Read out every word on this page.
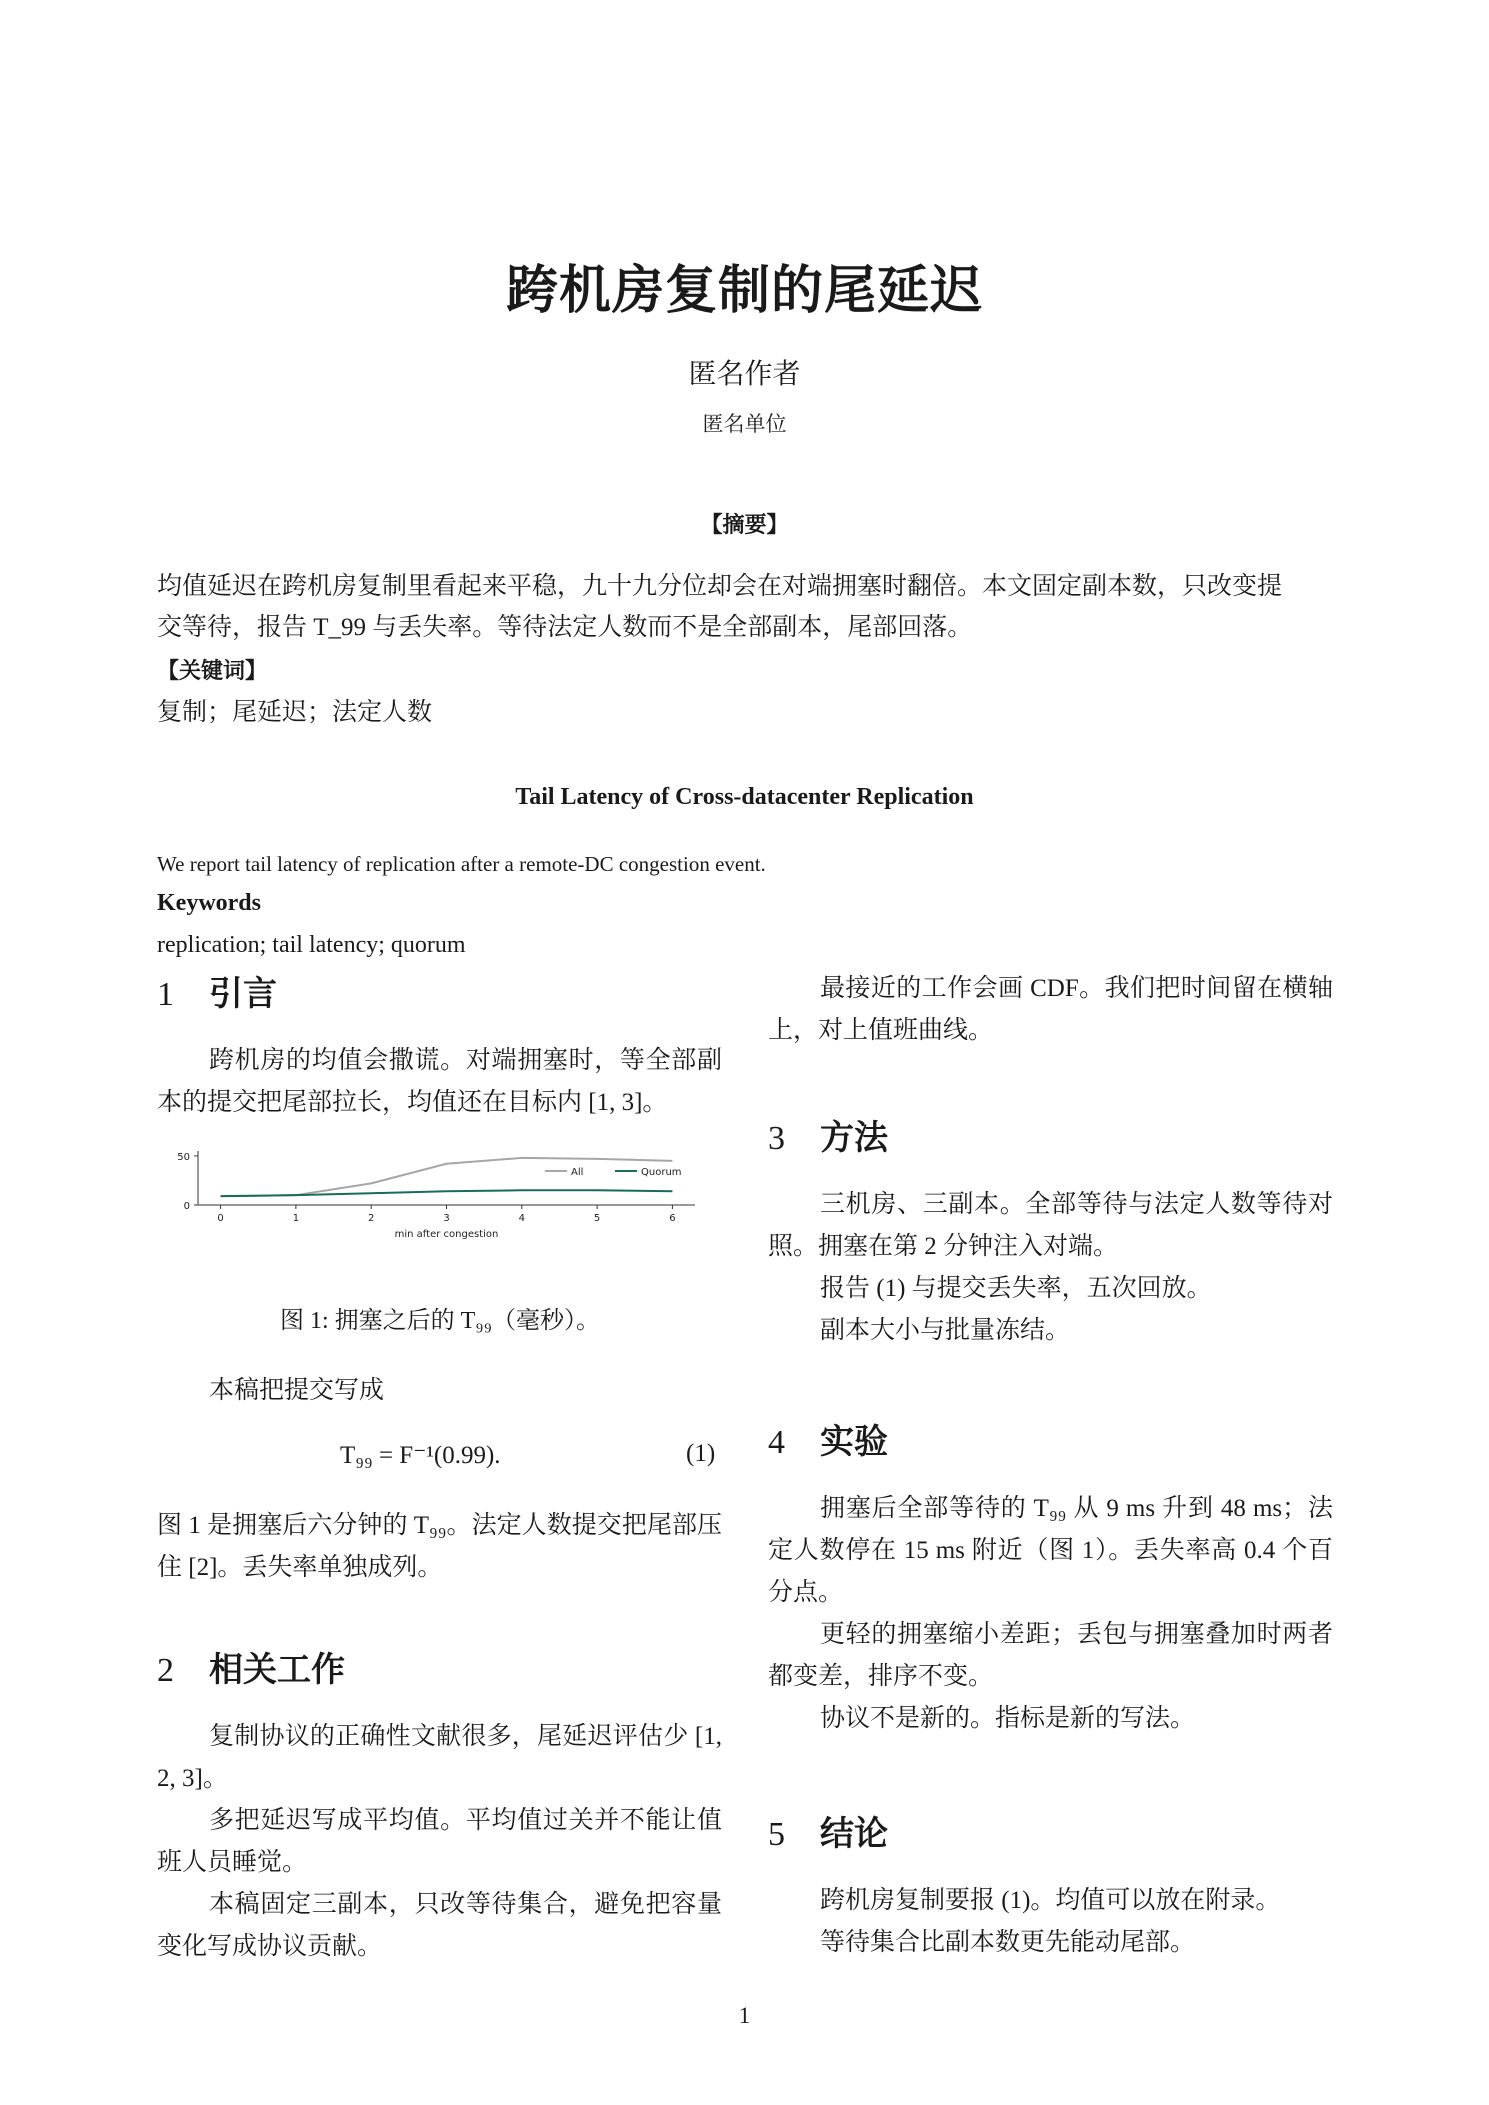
跨机房复制的尾延迟
匿名作者
匿名单位
【摘要】
均值延迟在跨机房复制里看起来平稳，九十九分位却会在对端拥塞时翻倍。本文固定副本数，只改变提
交等待，报告 T_99 与丢失率。等待法定人数而不是全部副本，尾部回落。
【关键词】
复制；尾延迟；法定人数
Tail Latency of Cross-datacenter Replication
We report tail latency of replication after a remote-DC congestion event.
Keywords
replication; tail latency; quorum
1 引言

跨机房的均值会撒谎。对端拥塞时，等全部副本的提交把尾部拉长，均值还在目标内 [1, 3]。

0	1	2	3	4	5	6
0
50
min after congestion
All	Quorum
图 1: 拥塞之后的 T₉₉（毫秒）。

本稿把提交写成

T₉₉ = F⁻¹(0.99).	(1)

图 1 是拥塞后六分钟的 T₉₉。法定人数提交把尾部压住 [2]。丢失率单独成列。

2 相关工作

复制协议的正确性文献很多，尾延迟评估少 [1, 2, 3]。

多把延迟写成平均值。平均值过关并不能让值班人员睡觉。

本稿固定三副本，只改等待集合，避免把容量变化写成协议贡献。

最接近的工作会画 CDF。我们把时间留在横轴上，对上值班曲线。

3 方法

三机房、三副本。全部等待与法定人数等待对照。拥塞在第 2 分钟注入对端。

报告 (1) 与提交丢失率，五次回放。

副本大小与批量冻结。

4 实验

拥塞后全部等待的 T₉₉ 从 9 ms 升到 48 ms；法定人数停在 15 ms 附近（图 1）。丢失率高 0.4 个百分点。

更轻的拥塞缩小差距；丢包与拥塞叠加时两者都变差，排序不变。

协议不是新的。指标是新的写法。

5 结论

跨机房复制要报 (1)。均值可以放在附录。

等待集合比副本数更先能动尾部。

1
